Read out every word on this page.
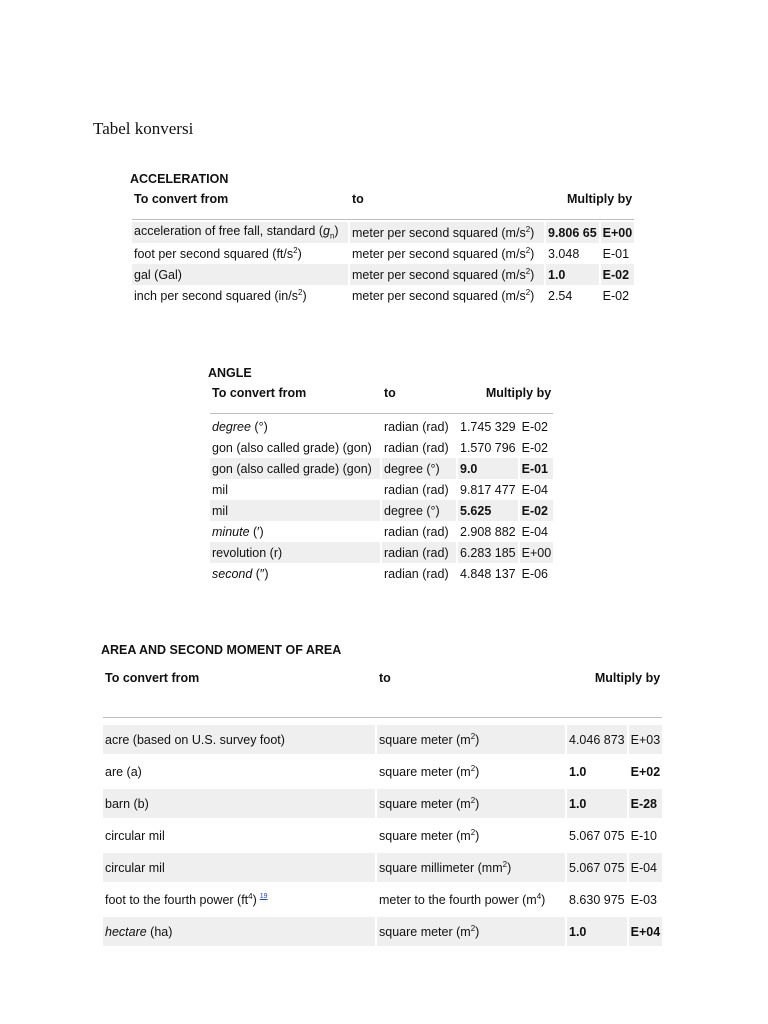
Tabel konversi
ACCELERATION
To convert from	to	Multiply by	

acceleration of free fall, standard $(g_n)$	meter per second squared $(m/s^2)$	9.806 65	E+00
foot per second squared $(ft/s^2)$	meter per second squared $(m/s^2)$	3.048	E-01
gal (Gal)	meter per second squared $(m/s^2)$	1.0	E-02
inch per second squared $(in/s^2)$	meter per second squared $(m/s^2)$	2.54	E-02
ANGLE
To convert from	to	Multiply by	

degree (°)	radian (rad)	1.745 329	E-02
gon (also called grade) (gon)	radian (rad)	1.570 796	E-02
gon (also called grade) (gon)	degree (°)	9.0	E-01
mil	radian (rad)	9.817 477	E-04
mil	degree (°)	5.625	E-02
minute (′)	radian (rad)	2.908 882	E-04
revolution (r)	radian (rad)	6.283 185	E+00
second (″)	radian (rad)	4.848 137	E-06
AREA AND SECOND MOMENT OF AREA
To convert from	to	Multiply by	

acre (based on U.S. survey foot)	square meter $(m^2)$	4.046 873	E+03

are (a)	square meter $(m^2)$	1.0	E+02

barn (b)	square meter $(m^2)$	1.0	E-28

circular mil	square meter $(m^2)$	5.067 075	E-10

circular mil	square millimeter $(mm^2)$	5.067 075	E-04

foot to the fourth power $(ft^4)$ $^{19}$	meter to the fourth power $(m^4)$	8.630 975	E-03

hectare (ha)	square meter $(m^2)$	1.0	E+04
